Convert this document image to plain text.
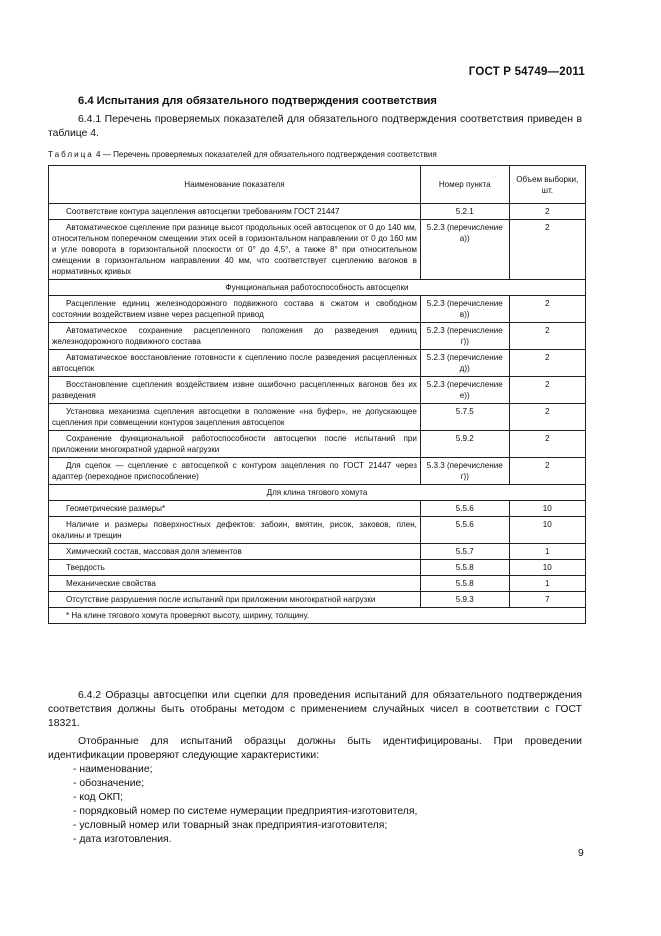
ГОСТ Р 54749—2011
6.4 Испытания для обязательного подтверждения соответствия
6.4.1 Перечень проверяемых показателей для обязательного подтверждения соответствия приведен в таблице 4.
Таблица 4 — Перечень проверяемых показателей для обязательного подтверждения соответствия
Наименование показателя	Номер пункта	Объем выборки, шт.
Соответствие контура зацепления автосцепки требованиям ГОСТ 21447	5.2.1	2
Автоматическое сцепление при разнице высот продольных осей автосцепок от 0 до 140 мм, относительном поперечном смещении этих осей в горизонтальном направлении от 0 до 160 мм и угле поворота в горизонтальной плоскости от 0° до 4,5°, а также 8° при относительном смещении в горизонтальном направлении 40 мм, что соответствует сцеплению вагонов в нормативных кривых	5.2.3 (перечисление а))	2
Функциональная работоспособность автосцепки		
Расцепление единиц железнодорожного подвижного состава в сжатом и свободном состоянии воздействием извне через расцепной привод	5.2.3 (перечисление в))	2
Автоматическое сохранение расцепленного положения до разведения единиц железнодорожного подвижного состава	5.2.3 (перечисление г))	2
Автоматическое восстановление готовности к сцеплению после разведения расцепленных автосцепок	5.2.3 (перечисление д))	2
Восстановление сцепления воздействием извне ошибочно расцепленных вагонов без их разведения	5.2.3 (перечисление е))	2
Установка механизма сцепления автосцепки в положение «на буфер», не допускающее сцепления при совмещении контуров зацепления автосцепок	5.7.5	2
Сохранение функциональной работоспособности автосцепки после испытаний при приложении многократной ударной нагрузки	5.9.2	2
Для сцепок — сцепление с автосцепкой с контуром зацепления по ГОСТ 21447 через адаптер (переходное приспособление)	5.3.3 (перечисление г))	2
Для клина тягового хомута		
Геометрические размеры*	5.5.6	10
Наличие и размеры поверхностных дефектов: забоин, вмятин, рисок, заковов, плен, окалины и трещин	5.5.6	10
Химический состав, массовая доля элементов	5.5.7	1
Твердость	5.5.8	10
Механические свойства	5.5.8	1
Отсутствие разрушения после испытаний при приложении многократной нагрузки	5.9.3	7
* На клине тягового хомута проверяют высоту, ширину, толщину.		
6.4.2 Образцы автосцепки или сцепки для проведения испытаний для обязательного подтверждения соответствия должны быть отобраны методом с применением случайных чисел в соответствии с ГОСТ 18321.
Отобранные для испытаний образцы должны быть идентифицированы. При проведении идентификации проверяют следующие характеристики:
- наименование;
- обозначение;
- код ОКП;
- порядковый номер по системе нумерации предприятия-изготовителя,
- условный номер или товарный знак предприятия-изготовителя;
- дата изготовления.
9
